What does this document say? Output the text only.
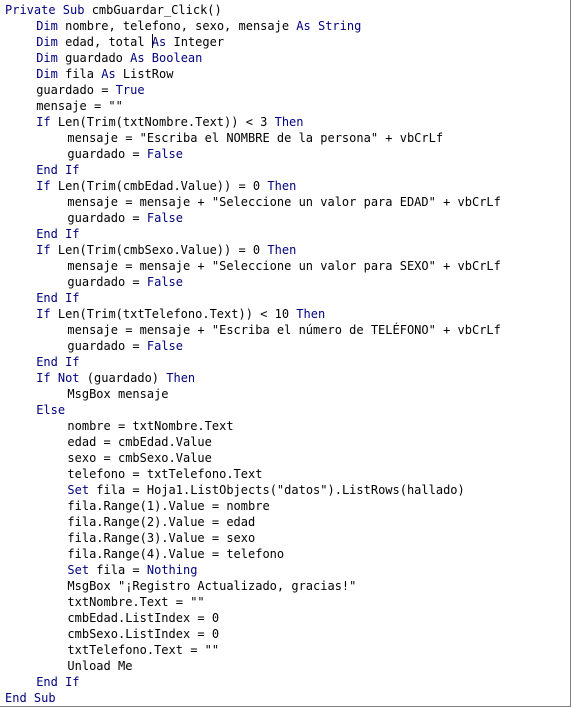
Private Sub cmbGuardar_Click()
Dim nombre, telefono, sexo, mensaje As String
Dim edad, total As Integer
Dim guardado As Boolean
Dim fila As ListRow
guardado = True
mensaje = ""
If Len(Trim(txtNombre.Text)) < 3 Then
mensaje = "Escriba el NOMBRE de la persona" + vbCrLf
guardado = False
End If
If Len(Trim(cmbEdad.Value)) = 0 Then
mensaje = mensaje + "Seleccione un valor para EDAD" + vbCrLf
guardado = False
End If
If Len(Trim(cmbSexo.Value)) = 0 Then
mensaje = mensaje + "Seleccione un valor para SEXO" + vbCrLf
guardado = False
End If
If Len(Trim(txtTelefono.Text)) < 10 Then
mensaje = mensaje + "Escriba el número de TELÉFONO" + vbCrLf
guardado = False
End If
If Not (guardado) Then
MsgBox mensaje
Else
nombre = txtNombre.Text
edad = cmbEdad.Value
sexo = cmbSexo.Value
telefono = txtTelefono.Text
Set fila = Hoja1.ListObjects("datos").ListRows(hallado)
fila.Range(1).Value = nombre
fila.Range(2).Value = edad
fila.Range(3).Value = sexo
fila.Range(4).Value = telefono
Set fila = Nothing
MsgBox "¡Registro Actualizado, gracias!"
txtNombre.Text = ""
cmbEdad.ListIndex = 0
cmbSexo.ListIndex = 0
txtTelefono.Text = ""
Unload Me
End If
End Sub
